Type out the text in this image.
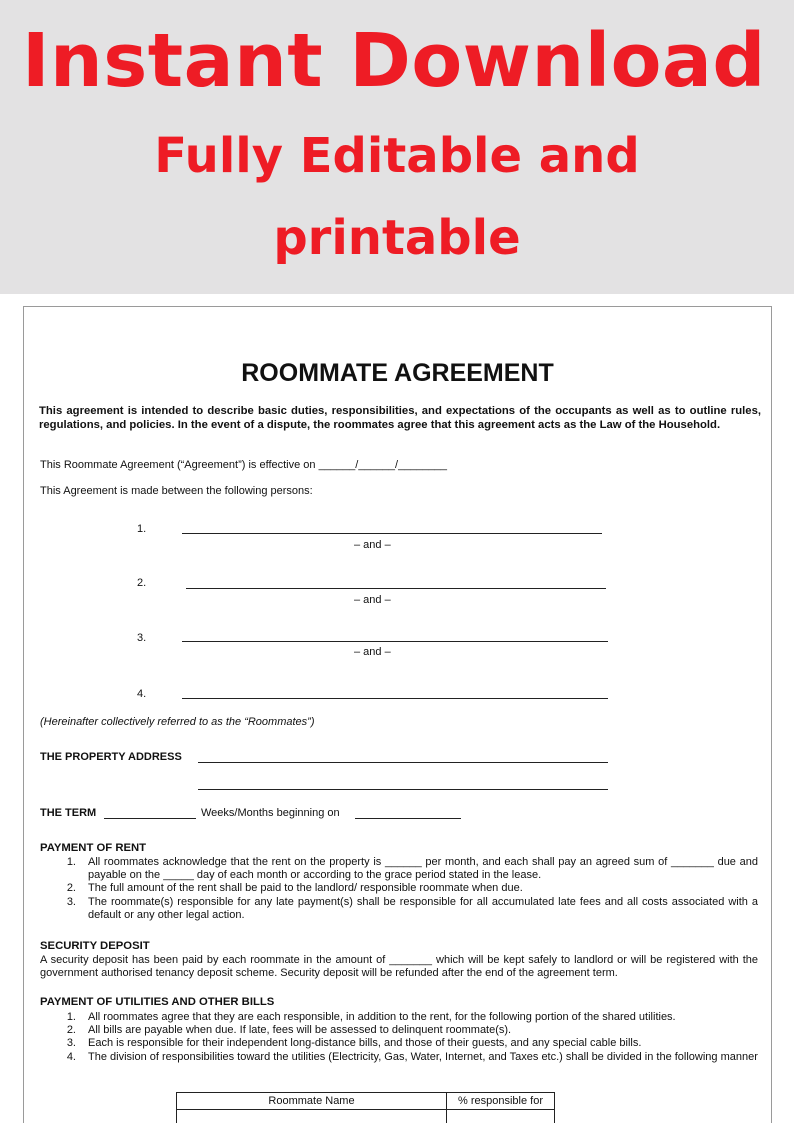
Instant Download
Fully Editable and
printable
ROOMMATE AGREEMENT
This agreement is intended to describe basic duties, responsibilities, and expectations of the occupants as well as to outline rules, regulations, and policies. In the event of a dispute, the roommates agree that this agreement acts as the Law of the Household.
This Roommate Agreement (“Agreement”) is effective on ______/______/________
This Agreement is made between the following persons:
1.
– and –
2.
– and –
3.
– and –
4.
(Hereinafter collectively referred to as the “Roommates”)
THE PROPERTY ADDRESS
THE TERM	Weeks/Months beginning on
PAYMENT OF RENT
1.	All roommates acknowledge that the rent on the property is ______ per month, and each shall pay an agreed sum of _______ due and payable on the _____ day of each month or according to the grace period stated in the lease.
2.	The full amount of the rent shall be paid to the landlord/ responsible roommate when due.
3.	The roommate(s) responsible for any late payment(s) shall be responsible for all accumulated late fees and all costs associated with a default or any other legal action.
SECURITY DEPOSIT
A security deposit has been paid by each roommate in the amount of _______ which will be kept safely to landlord or will be registered with the government authorised tenancy deposit scheme. Security deposit will be refunded after the end of the agreement term.
PAYMENT OF UTILITIES AND OTHER BILLS
1.	All roommates agree that they are each responsible, in addition to the rent, for the following portion of the shared utilities.
2.	All bills are payable when due. If late, fees will be assessed to delinquent roommate(s).
3.	Each is responsible for their independent long-distance bills, and those of their guests, and any special cable bills.
4.	The division of responsibilities toward the utilities (Electricity, Gas, Water, Internet, and Taxes etc.) shall be divided in the following manner
Roommate Name	% responsible for
